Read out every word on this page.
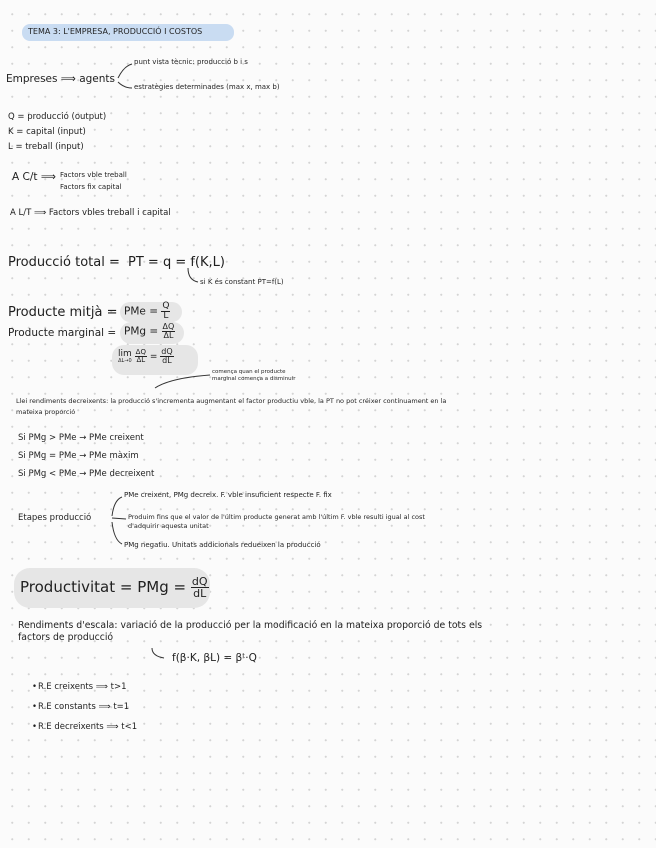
TEMA 3: L'EMPRESA, PRODUCCIÓ I COSTOS
Empreses ⟹ agents
punt vista tècnic: producció b i s
estratègies determinades (max x, max b)
Q = producció (output)
K = capital (input)
L = treball (input)
A C/t ⟹ Factors vble treball
Factors fix capital
A L/T ⟹ Factors vbles treball i capital
Producció total = PT = q = f(K,L)
si K és constant PT=f(L)
Producte mitjà = PMe = $\frac{Q}{L}$
Producte marginal = PMg = $\frac{\Delta Q}{\Delta L}$
lim
ΔL→0
$\frac{\Delta Q}{\Delta L} = \frac{dQ}{dL}$
comença quan el producte
marginal comença a disminuir
Llei rendiments decreixents: la producció s'incrementa augmentant el factor productiu vble, la PT no pot créixer contínuament en la
mateixa proporció
Si PMg > PMe → PMe creixent
Si PMg = PMe → PMe màxim
Si PMg < PMe → PMe decreixent
Etapes producció
PMe creixent, PMg decreix. F. vble insuficient respecte F. fix
Produim fins que el valor de l'últim producte generat amb l'últim F. vble resulti igual al cost
d'adquirir aquesta unitat
PMg negatiu. Unitats addicionals redueixen la producció
Productivitat = PMg = $\frac{dQ}{dL}$
Rendiments d'escala: variació de la producció per la modificació en la mateixa proporció de tots els
factors de producció
f(β·K, βL) = βᵗ·Q
R.E creixents ⟹ t>1
R.E constants ⟹ t=1
R.E decreixents ⟹ t<1
•
•
•
